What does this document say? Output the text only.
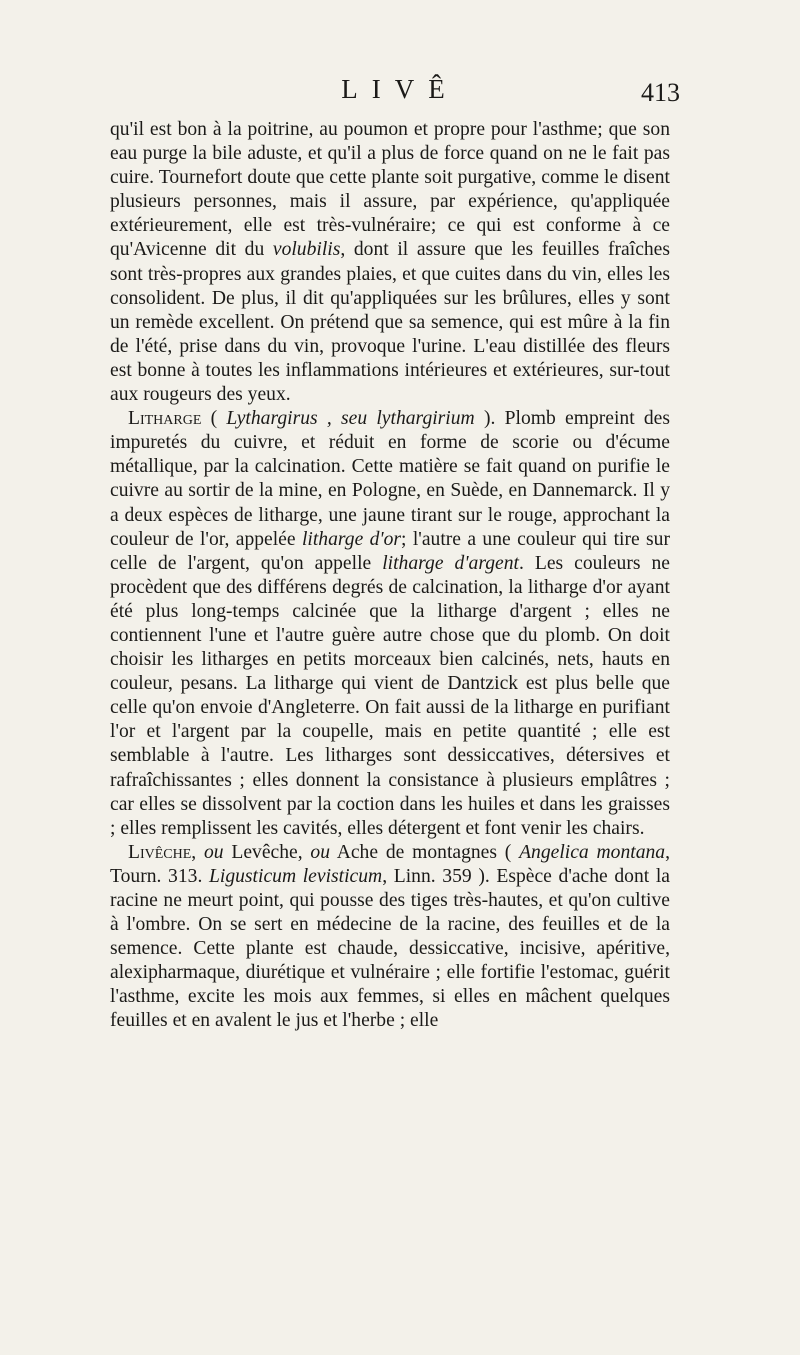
LIVÊ	413

qu'il est bon à la poitrine, au poumon et propre pour l'asthme; que son eau purge la bile aduste, et qu'il a plus de force quand on ne le fait pas cuire. Tournefort doute que cette plante soit purgative, comme le disent plusieurs personnes, mais il assure, par expérience, qu'appliquée extérieurement, elle est très-vulnéraire; ce qui est conforme à ce qu'Avicenne dit du volubilis, dont il assure que les feuilles fraîches sont très-propres aux grandes plaies, et que cuites dans du vin, elles les consolident. De plus, il dit qu'appliquées sur les brûlures, elles y sont un remède excellent. On prétend que sa semence, qui est mûre à la fin de l'été, prise dans du vin, provoque l'urine. L'eau distillée des fleurs est bonne à toutes les inflammations intérieures et extérieures, sur-tout aux rougeurs des yeux.

Litharge ( Lythargirus , seu lythargirium ). Plomb empreint des impuretés du cuivre, et réduit en forme de scorie ou d'écume métallique, par la calcination. Cette matière se fait quand on purifie le cuivre au sortir de la mine, en Pologne, en Suède, en Dannemarck. Il y a deux espèces de litharge, une jaune tirant sur le rouge, approchant la couleur de l'or, appelée litharge d'or; l'autre a une couleur qui tire sur celle de l'argent, qu'on appelle litharge d'argent. Les couleurs ne procèdent que des différens degrés de calcination, la litharge d'or ayant été plus long-temps calcinée que la litharge d'argent ; elles ne contiennent l'une et l'autre guère autre chose que du plomb. On doit choisir les litharges en petits morceaux bien calcinés, nets, hauts en couleur, pesans. La litharge qui vient de Dantzick est plus belle que celle qu'on envoie d'Angleterre. On fait aussi de la litharge en purifiant l'or et l'argent par la coupelle, mais en petite quantité ; elle est semblable à l'autre. Les litharges sont dessiccatives, détersives et rafraîchissantes ; elles donnent la consistance à plusieurs emplâtres ; car elles se dissolvent par la coction dans les huiles et dans les graisses ; elles remplissent les cavités, elles détergent et font venir les chairs.

Livêche, ou Levêche, ou Ache de montagnes ( Angelica montana, Tourn. 313. Ligusticum levisticum, Linn. 359 ). Espèce d'ache dont la racine ne meurt point, qui pousse des tiges très-hautes, et qu'on cultive à l'ombre. On se sert en médecine de la racine, des feuilles et de la semence. Cette plante est chaude, dessiccative, incisive, apéritive, alexipharmaque, diurétique et vulnéraire ; elle fortifie l'estomac, guérit l'asthme, excite les mois aux femmes, si elles en mâchent quelques feuilles et en avalent le jus et l'herbe ; elle
